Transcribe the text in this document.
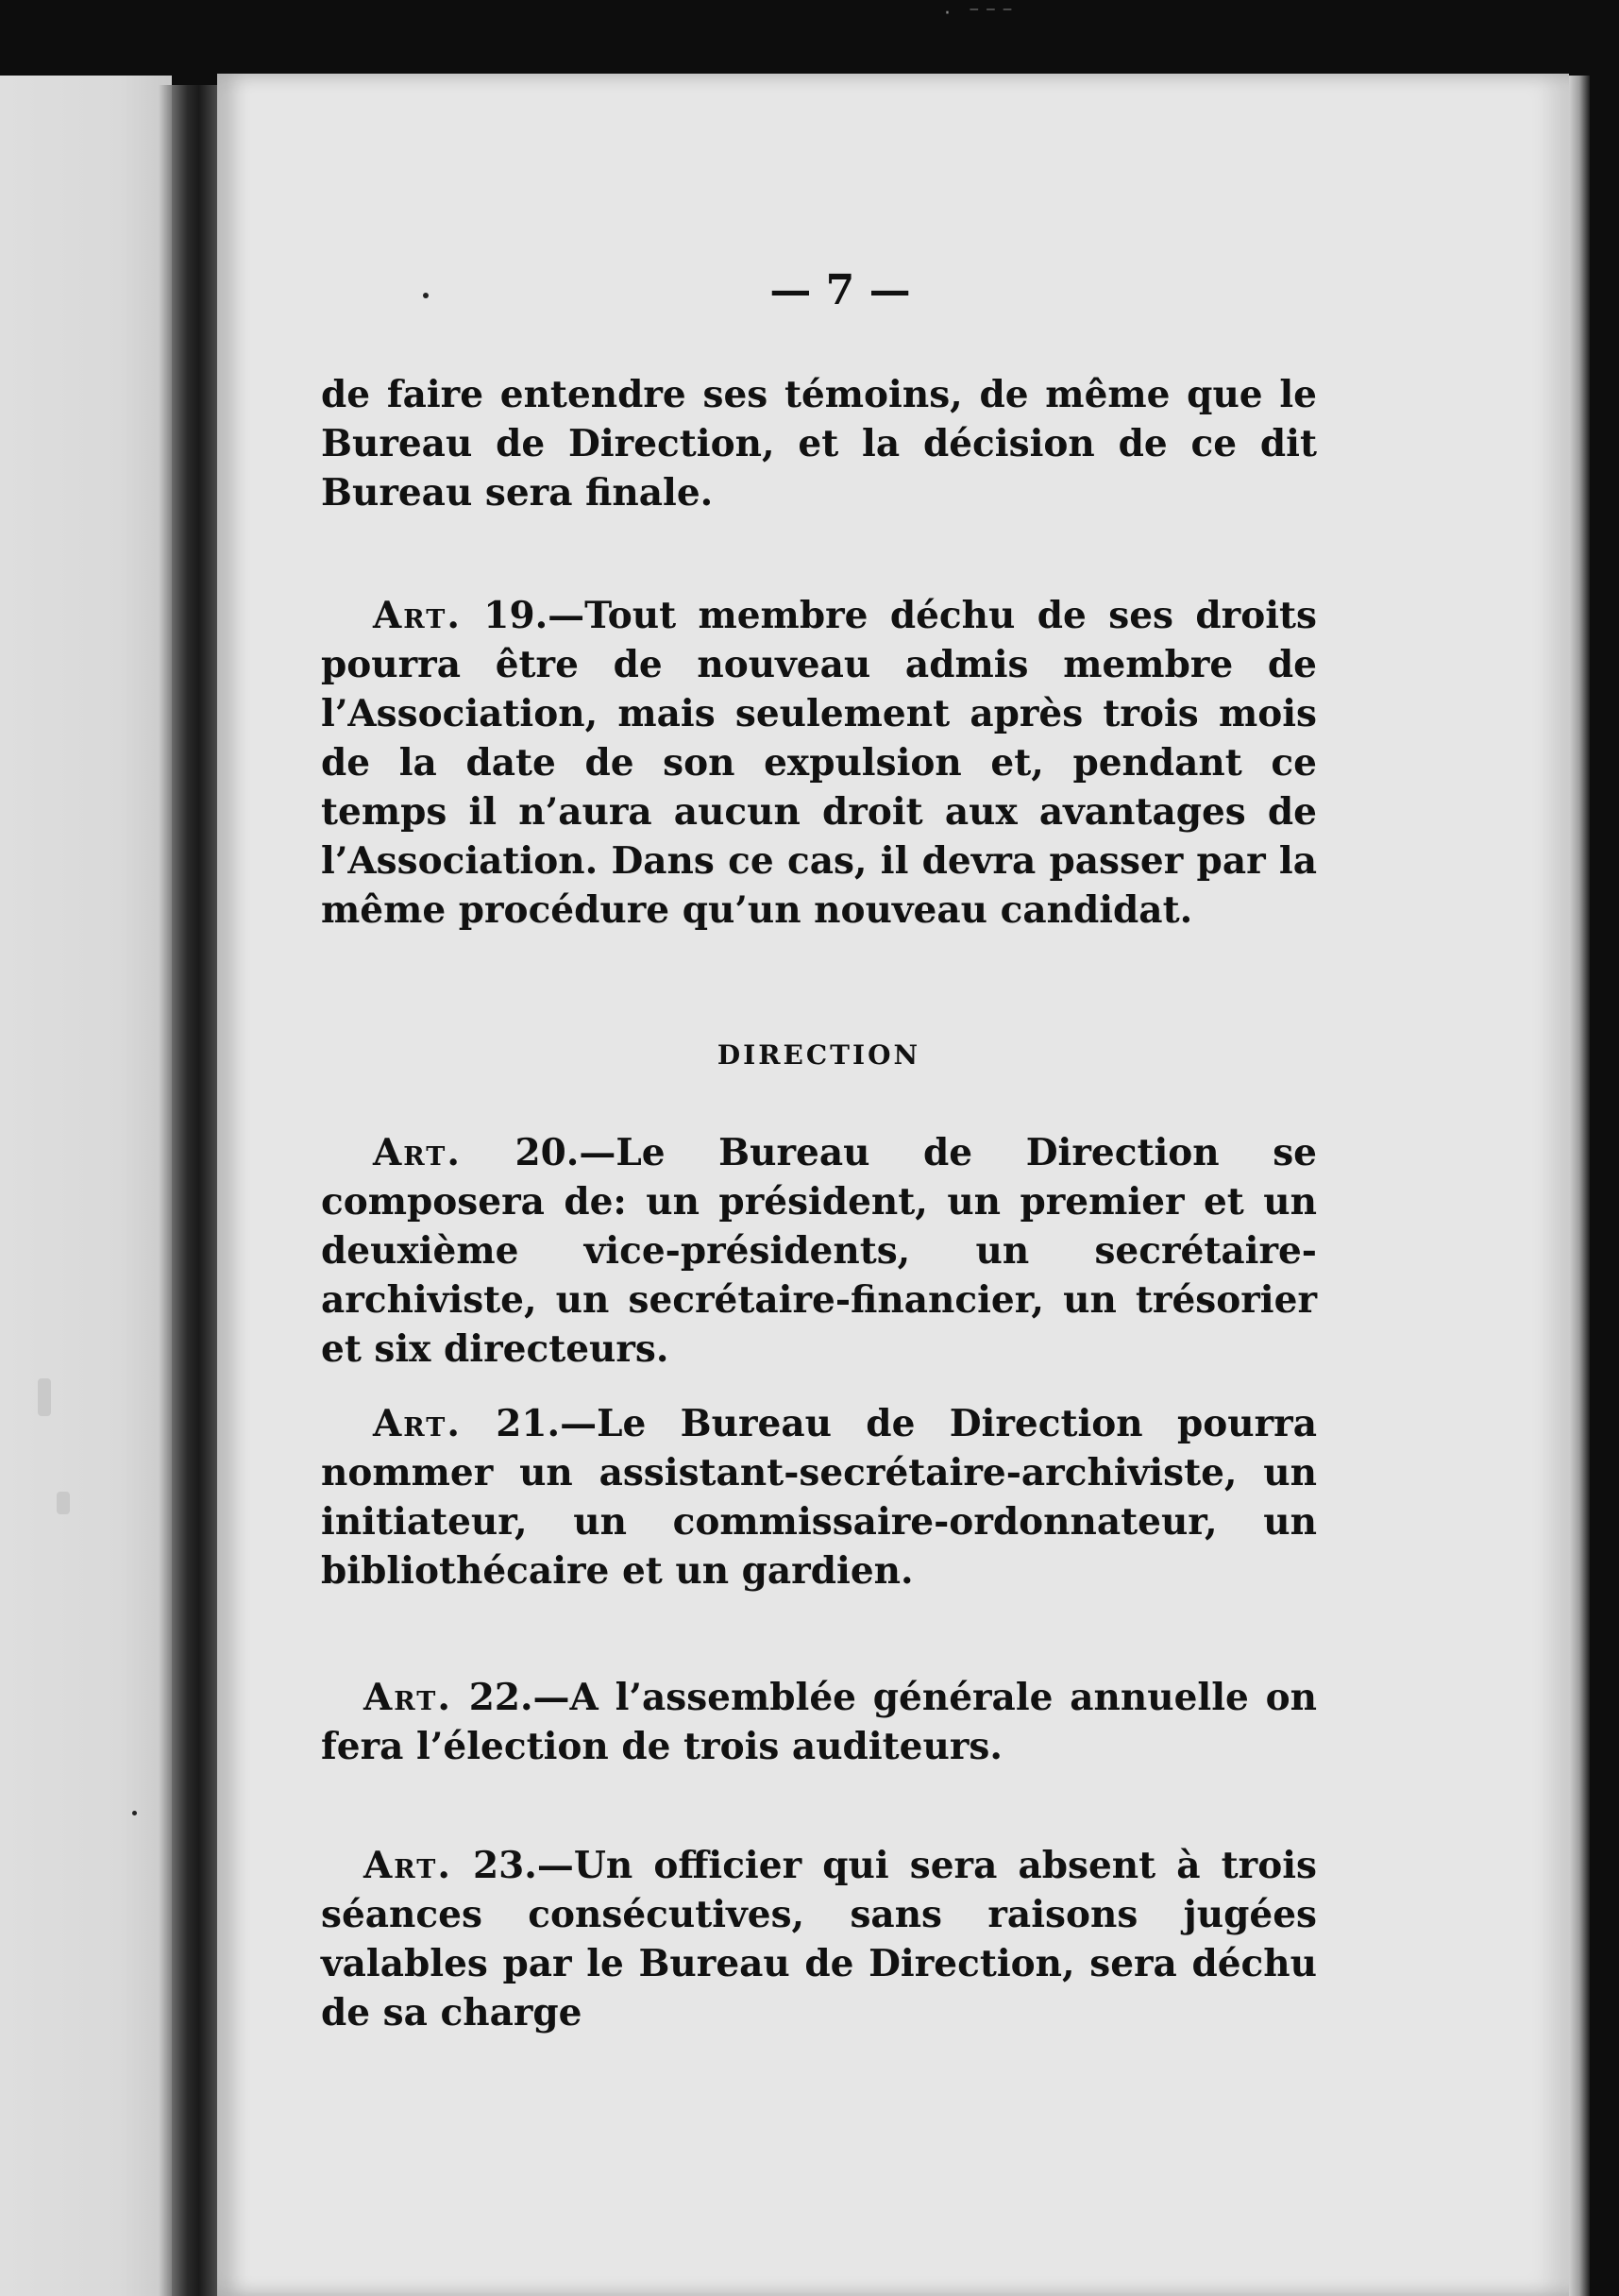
· ⁻⁻⁻
— 7 —

de faire entendre ses témoins, de même que le Bureau de Direction, et la décision de ce dit Bureau sera finale.

Art. 19.—Tout membre déchu de ses droits pourra être de nouveau admis membre de l’Association, mais seulement après trois mois de la date de son expulsion et, pendant ce temps il n’aura aucun droit aux avantages de l’Association. Dans ce cas, il devra passer par la même procédure qu’un nouveau candidat.

DIRECTION

Art. 20.—Le Bureau de Direction se composera de: un président, un premier et un deuxième vice-présidents, un secrétaire-archiviste, un secrétaire-financier, un trésorier et six directeurs.

Art. 21.—Le Bureau de Direction pourra nommer un assistant-secrétaire-archiviste, un initiateur, un commissaire-ordonnateur, un bibliothécaire et un gardien.

Art. 22.—A l’assemblée générale annuelle on fera l’élection de trois auditeurs.

Art. 23.—Un officier qui sera absent à trois séances consécutives, sans raisons jugées valables par le Bureau de Direction, sera déchu de sa charge
